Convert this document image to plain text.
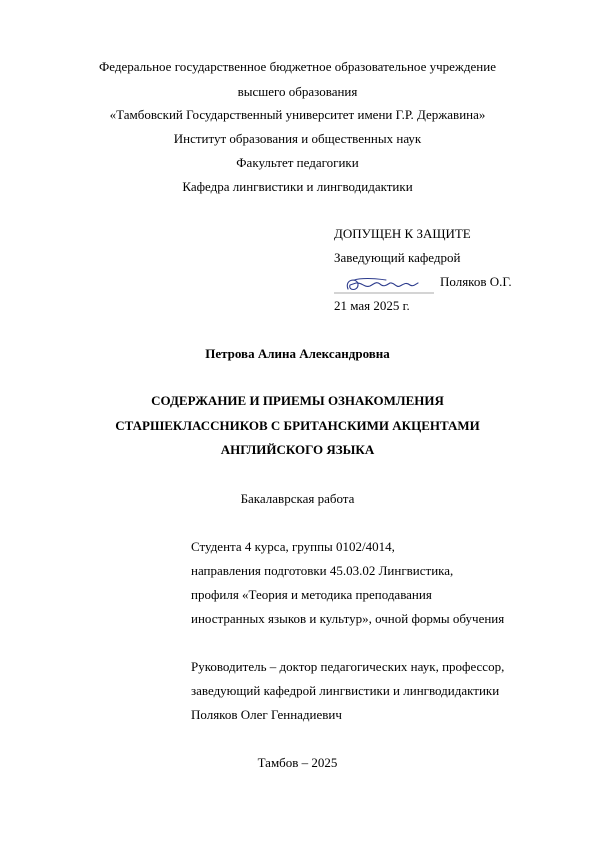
Федеральное государственное бюджетное образовательное учреждение
высшего образования
«Тамбовский Государственный университет имени Г.Р. Державина»
Институт образования и общественных наук
Факультет педагогики
Кафедра лингвистики и лингводидактики
ДОПУЩЕН К ЗАЩИТЕ
Заведующий кафедрой
Поляков О.Г.
21 мая 2025 г.
Петрова Алина Александровна
СОДЕРЖАНИЕ И ПРИЕМЫ ОЗНАКОМЛЕНИЯ
СТАРШЕКЛАССНИКОВ С БРИТАНСКИМИ АКЦЕНТАМИ
АНГЛИЙСКОГО ЯЗЫКА
Бакалаврская работа
Студента 4 курса, группы 0102/4014,
направления подготовки 45.03.02 Лингвистика,
профиля «Теория и методика преподавания
иностранных языков и культур», очной формы обучения
Руководитель – доктор педагогических наук, профессор,
заведующий кафедрой лингвистики и лингводидактики
Поляков Олег Геннадиевич
Тамбов – 2025
